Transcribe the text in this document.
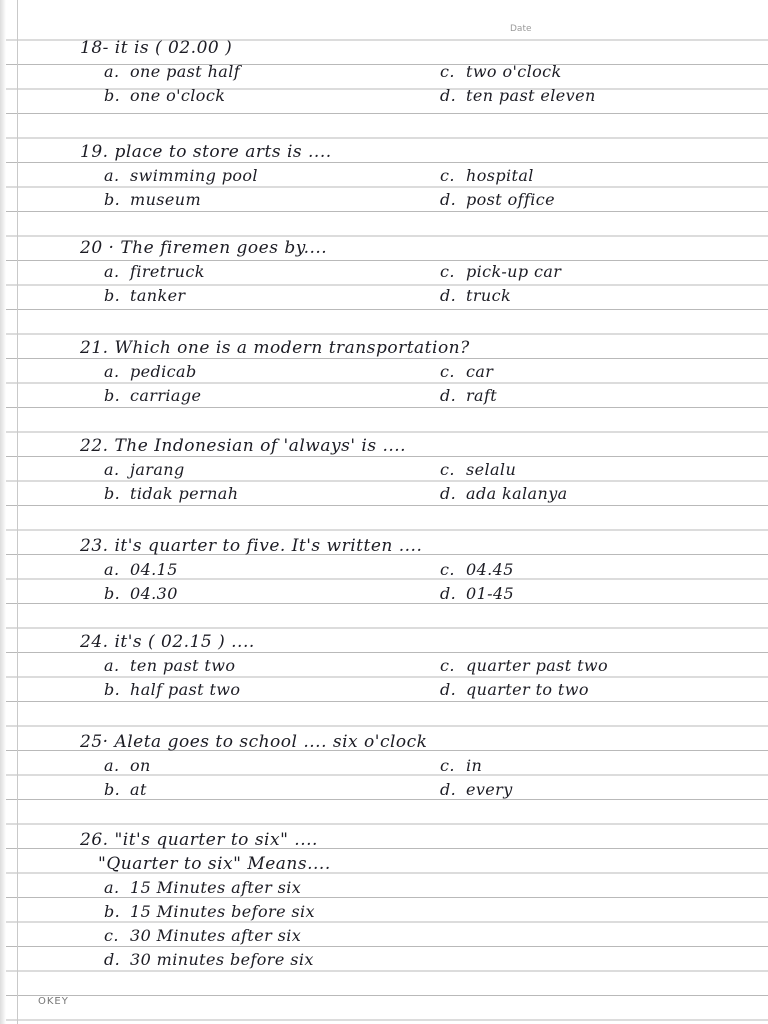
Date
18- it is ( 02.00 )
a. one past half	c. two o'clock
b. one o'clock	d. ten past eleven
19. place to store arts is ....
a. swimming pool	c. hospital
b. museum	d. post office
20 · The firemen goes by....
a. firetruck	c. pick-up car
b. tanker	d. truck
21. Which one is a modern transportation?
a. pedicab	c. car
b. carriage	d. raft
22. The Indonesian of 'always' is ....
a. jarang	c. selalu
b. tidak pernah	d. ada kalanya
23. it's quarter to five. It's written ....
a. 04.15	c. 04.45
b. 04.30	d. 01-45
24. it's ( 02.15 ) ....
a. ten past two	c. quarter past two
b. half past two	d. quarter to two
25· Aleta goes to school .... six o'clock
a. on	c. in
b. at	d. every
26. "it's quarter to six" ....
"Quarter to six" Means....
a. 15 Minutes after six
b. 15 Minutes before six
c. 30 Minutes after six
d. 30 minutes before six
OKEY
